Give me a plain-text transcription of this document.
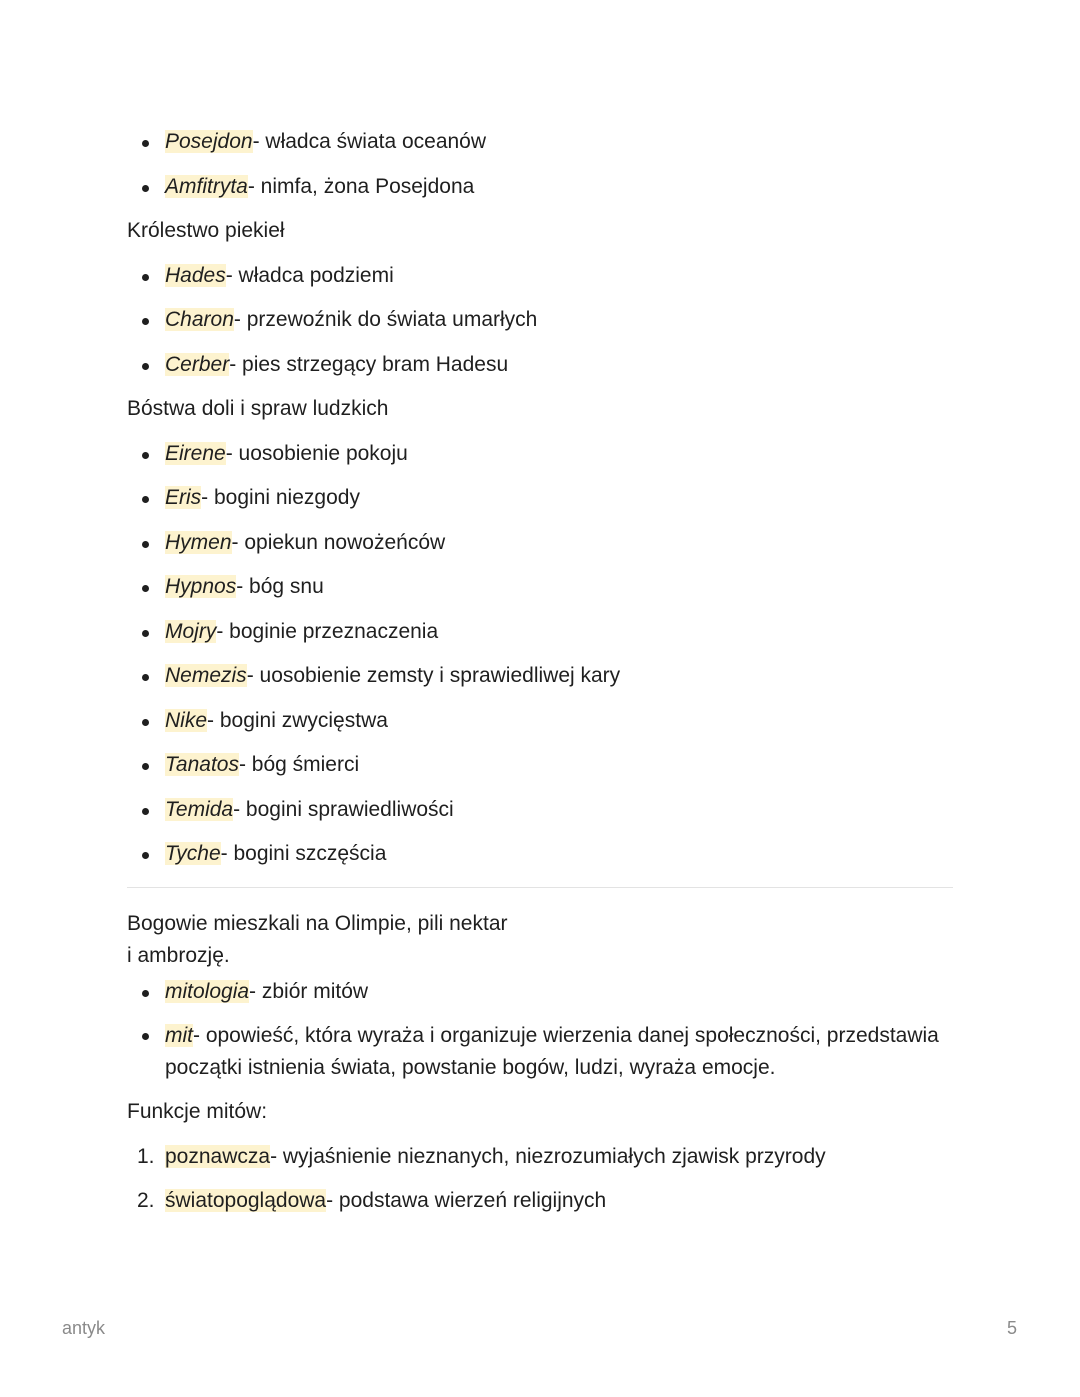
Posejdon- władca świata oceanów
Amfitryta- nimfa, żona Posejdona
Królestwo piekieł
Hades- władca podziemi
Charon- przewoźnik do świata umarłych
Cerber- pies strzegący bram Hadesu
Bóstwa doli i spraw ludzkich
Eirene- uosobienie pokoju
Eris- bogini niezgody
Hymen- opiekun nowożeńców
Hypnos- bóg snu
Mojry- boginie przeznaczenia
Nemezis- uosobienie zemsty i sprawiedliwej kary
Nike- bogini zwycięstwa
Tanatos- bóg śmierci
Temida- bogini sprawiedliwości
Tyche- bogini szczęścia
Bogowie mieszkali na Olimpie, pili nektar
i ambrozję.
mitologia- zbiór mitów
mit- opowieść, która wyraża i organizuje wierzenia danej społeczności, przedstawia początki istnienia świata, powstanie bogów, ludzi, wyraża emocje.
Funkcje mitów:
1. poznawcza- wyjaśnienie nieznanych, niezrozumiałych zjawisk przyrody
2. światopoglądowa- podstawa wierzeń religijnych
antyk	5
